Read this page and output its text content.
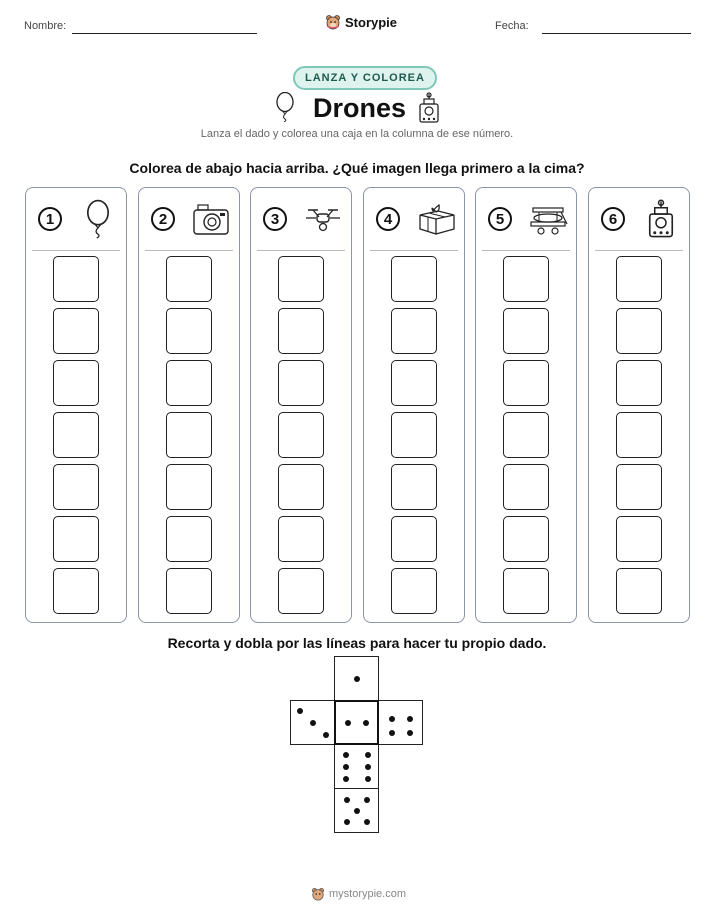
Nombre:	Storypie	Fecha:
LANZA Y COLOREA
Drones
Lanza el dado y colorea una caja en la columna de ese número.
Colorea de abajo hacia arriba. ¿Qué imagen llega primero a la cima?
1	2	3	4	5	6
Recorta y dobla por las líneas para hacer tu propio dado.
mystorypie.com
